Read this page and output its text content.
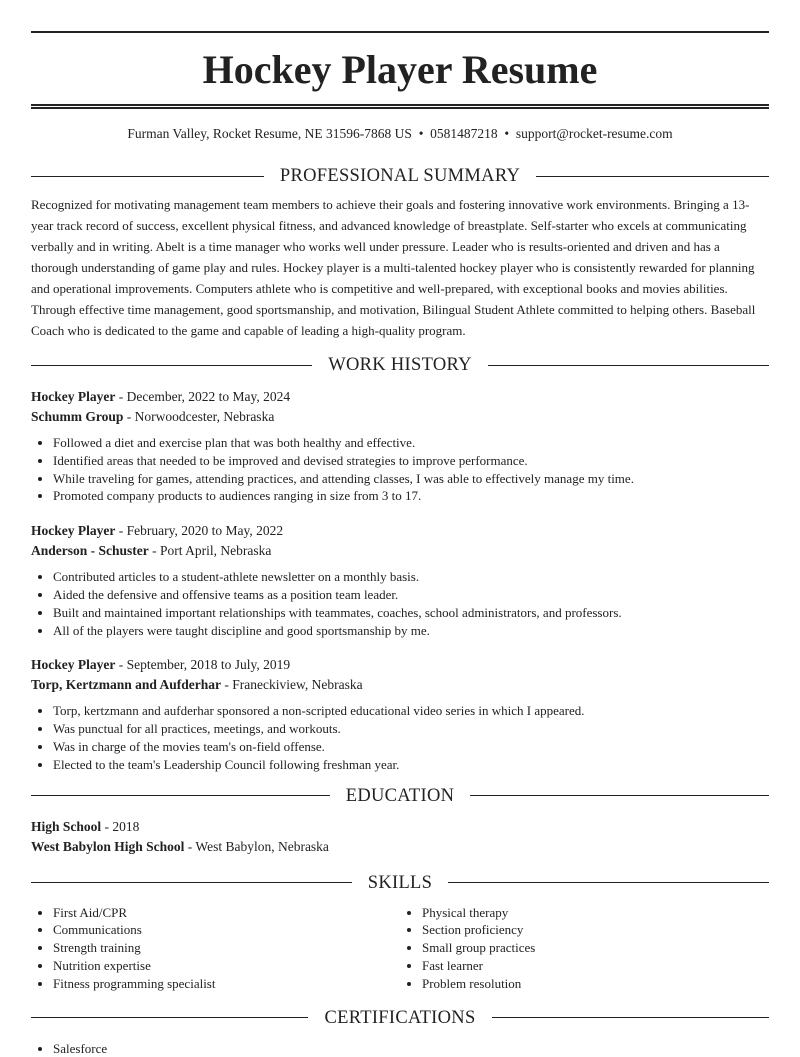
Hockey Player Resume
Furman Valley, Rocket Resume, NE 31596-7868 US • 0581487218 • support@rocket-resume.com
PROFESSIONAL SUMMARY

Recognized for motivating management team members to achieve their goals and fostering innovative work environments. Bringing a 13-year track record of success, excellent physical fitness, and advanced knowledge of breastplate. Self-starter who excels at communicating verbally and in writing. Abelt is a time manager who works well under pressure. Leader who is results-oriented and driven and has a thorough understanding of game play and rules. Hockey player is a multi-talented hockey player who is consistently rewarded for planning and operational improvements. Computers athlete who is competitive and well-prepared, with exceptional books and movies abilities. Through effective time management, good sportsmanship, and motivation, Bilingual Student Athlete committed to helping others. Baseball Coach who is dedicated to the game and capable of leading a high-quality program.

WORK HISTORY
Hockey Player - December, 2022 to May, 2024
Schumm Group - Norwoodcester, Nebraska
• Followed a diet and exercise plan that was both healthy and effective.
• Identified areas that needed to be improved and devised strategies to improve performance.
• While traveling for games, attending practices, and attending classes, I was able to effectively manage my time.
• Promoted company products to audiences ranging in size from 3 to 17.
Hockey Player - February, 2020 to May, 2022
Anderson - Schuster - Port April, Nebraska
• Contributed articles to a student-athlete newsletter on a monthly basis.
• Aided the defensive and offensive teams as a position team leader.
• Built and maintained important relationships with teammates, coaches, school administrators, and professors.
• All of the players were taught discipline and good sportsmanship by me.
Hockey Player - September, 2018 to July, 2019
Torp, Kertzmann and Aufderhar - Franeckiview, Nebraska
• Torp, kertzmann and aufderhar sponsored a non-scripted educational video series in which I appeared.
• Was punctual for all practices, meetings, and workouts.
• Was in charge of the movies team's on-field offense.
• Elected to the team's Leadership Council following freshman year.
EDUCATION
High School - 2018
West Babylon High School - West Babylon, Nebraska
SKILLS
• First Aid/CPR
• Communications
• Strength training
• Nutrition expertise
• Fitness programming specialist
• Physical therapy
• Section proficiency
• Small group practices
• Fast learner
• Problem resolution
CERTIFICATIONS
• Salesforce
